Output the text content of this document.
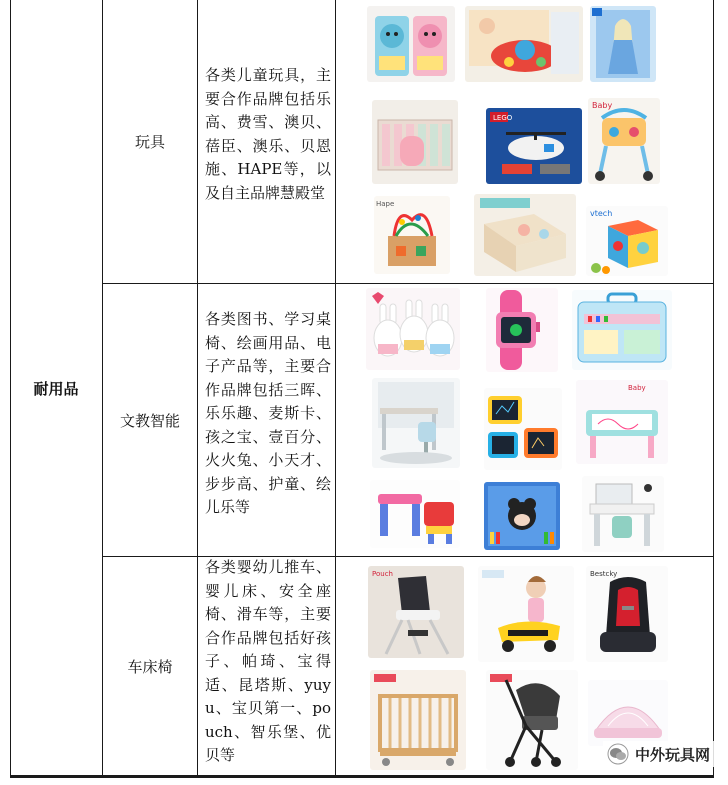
耐用品
玩具
各类儿童玩具，主要合作品牌包括乐高、费雪、澳贝、蓓臣、澳乐、贝恩施、HAPE等，以及自主品牌慧殿堂
文教智能
各类图书、学习桌椅、绘画用品、电子产品等，主要合作品牌包括三晖、乐乐趣、麦斯卡、孩之宝、壹百分、火火兔、小天才、步步高、护童、绘儿乐等
车床椅
各类婴幼儿推车、婴儿床、安全座椅、滑车等，主要合作品牌包括好孩子、帕琦、宝得适、昆塔斯、yuyu、宝贝第一、pouch、智乐堡、优贝等
LEGO
Baby
Hape
vtech
Baby
Pouch	Bestcky
中外玩具网
